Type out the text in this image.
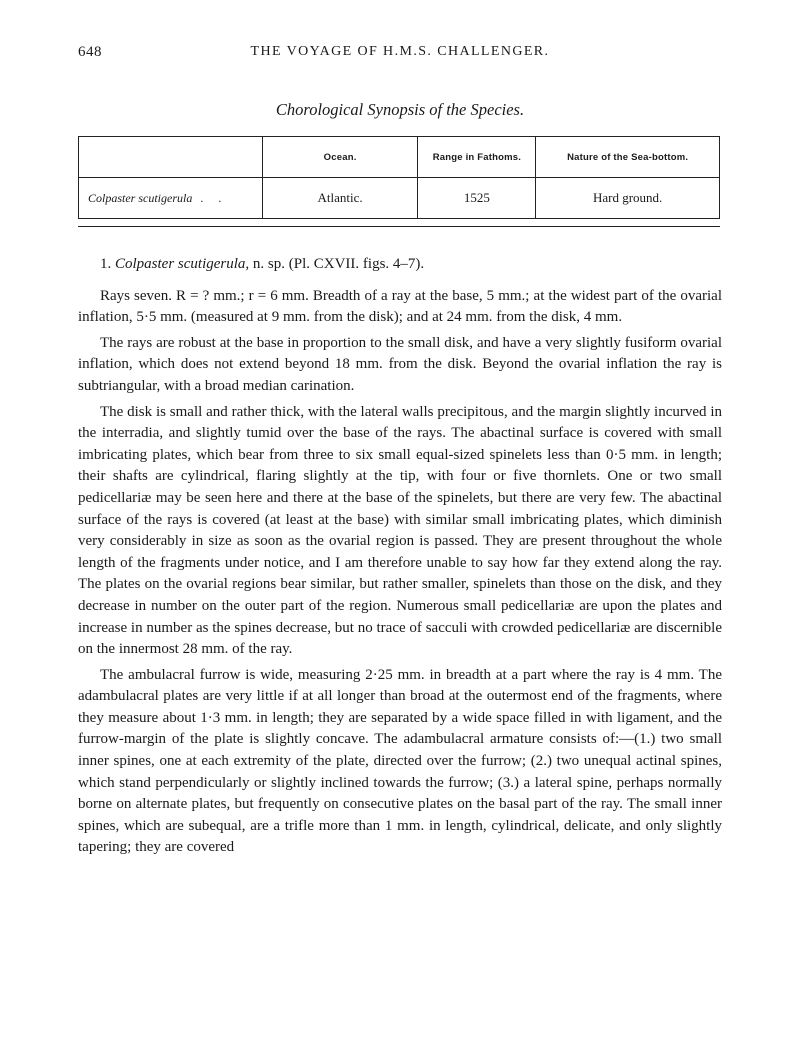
648	THE VOYAGE OF H.M.S. CHALLENGER.
Chorological Synopsis of the Species.
	Ocean.	Range in Fathoms.	Nature of the Sea-bottom.
Colpaster scutigerula . .	Atlantic.	1525	Hard ground.

1. Colpaster scutigerula, n. sp. (Pl. CXVII. figs. 4–7).

Rays seven. R = ? mm.; r = 6 mm. Breadth of a ray at the base, 5 mm.; at the widest part of the ovarial inflation, 5·5 mm. (measured at 9 mm. from the disk); and at 24 mm. from the disk, 4 mm.

The rays are robust at the base in proportion to the small disk, and have a very slightly fusiform ovarial inflation, which does not extend beyond 18 mm. from the disk. Beyond the ovarial inflation the ray is subtriangular, with a broad median carination.

The disk is small and rather thick, with the lateral walls precipitous, and the margin slightly incurved in the interradia, and slightly tumid over the base of the rays. The abactinal surface is covered with small imbricating plates, which bear from three to six small equal-sized spinelets less than 0·5 mm. in length; their shafts are cylindrical, flaring slightly at the tip, with four or five thornlets. One or two small pedicellariæ may be seen here and there at the base of the spinelets, but there are very few. The abactinal surface of the rays is covered (at least at the base) with similar small imbricating plates, which diminish very considerably in size as soon as the ovarial region is passed. They are present throughout the whole length of the fragments under notice, and I am therefore unable to say how far they extend along the ray. The plates on the ovarial regions bear similar, but rather smaller, spinelets than those on the disk, and they decrease in number on the outer part of the region. Numerous small pedicellariæ are upon the plates and increase in number as the spines decrease, but no trace of sacculi with crowded pedicellariæ are discernible on the innermost 28 mm. of the ray.

The ambulacral furrow is wide, measuring 2·25 mm. in breadth at a part where the ray is 4 mm. The adambulacral plates are very little if at all longer than broad at the outermost end of the fragments, where they measure about 1·3 mm. in length; they are separated by a wide space filled in with ligament, and the furrow-margin of the plate is slightly concave. The adambulacral armature consists of:—(1.) two small inner spines, one at each extremity of the plate, directed over the furrow; (2.) two unequal actinal spines, which stand perpendicularly or slightly inclined towards the furrow; (3.) a lateral spine, perhaps normally borne on alternate plates, but frequently on consecutive plates on the basal part of the ray. The small inner spines, which are subequal, are a trifle more than 1 mm. in length, cylindrical, delicate, and only slightly tapering; they are covered
